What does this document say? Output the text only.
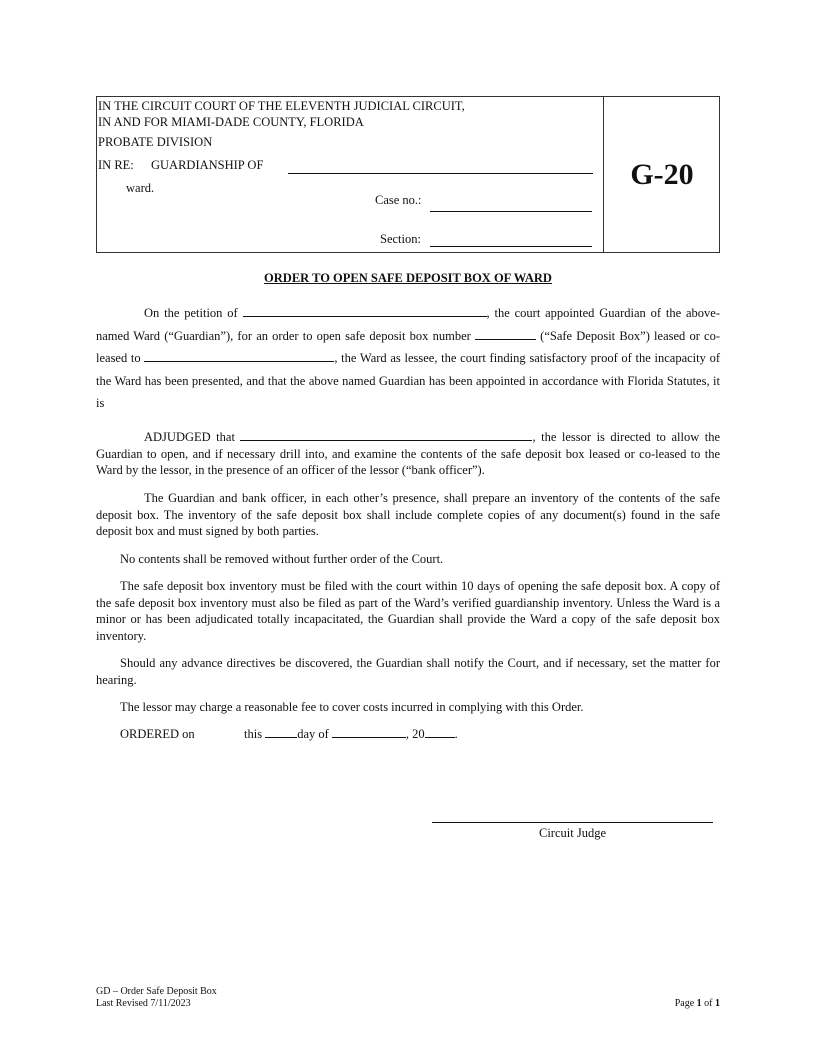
IN THE CIRCUIT COURT OF THE ELEVENTH JUDICIAL CIRCUIT,
IN AND FOR MIAMI-DADE COUNTY, FLORIDA
PROBATE DIVISION
IN RE: GUARDIANSHIP OF
ward.
Case no.:
Section:
G-20
ORDER TO OPEN SAFE DEPOSIT BOX OF WARD
On the petition of	, the court appointed Guardian of the above-named Ward (“Guardian”), for an order to open safe deposit box number	(“Safe Deposit Box”) leased or co-leased to	, the Ward as lessee, the court finding satisfactory proof of the incapacity of the Ward has been presented, and that the above named Guardian has been appointed in accordance with Florida Statutes, it is
ADJUDGED that	, the lessor is directed to allow the Guardian to open, and if necessary drill into, and examine the contents of the safe deposit box leased or co-leased to the Ward by the lessor, in the presence of an officer of the lessor (“bank officer”).
The Guardian and bank officer, in each other’s presence, shall prepare an inventory of the contents of the safe deposit box. The inventory of the safe deposit box shall include complete copies of any document(s) found in the safe deposit box and must signed by both parties.
No contents shall be removed without further order of the Court.
The safe deposit box inventory must be filed with the court within 10 days of opening the safe deposit box. A copy of the safe deposit box inventory must also be filed as part of the Ward’s verified guardianship inventory. Unless the Ward is a minor or has been adjudicated totally incapacitated, the Guardian shall provide the Ward a copy of the safe deposit box inventory.
Should any advance directives be discovered, the Guardian shall notify the Court, and if necessary, set the matter for hearing.
The lessor may charge a reasonable fee to cover costs incurred in complying with this Order.
ORDERED on	this	day of	, 20 .
Circuit Judge
GD – Order Safe Deposit Box
Last Revised 7/11/2023	Page 1 of 1
